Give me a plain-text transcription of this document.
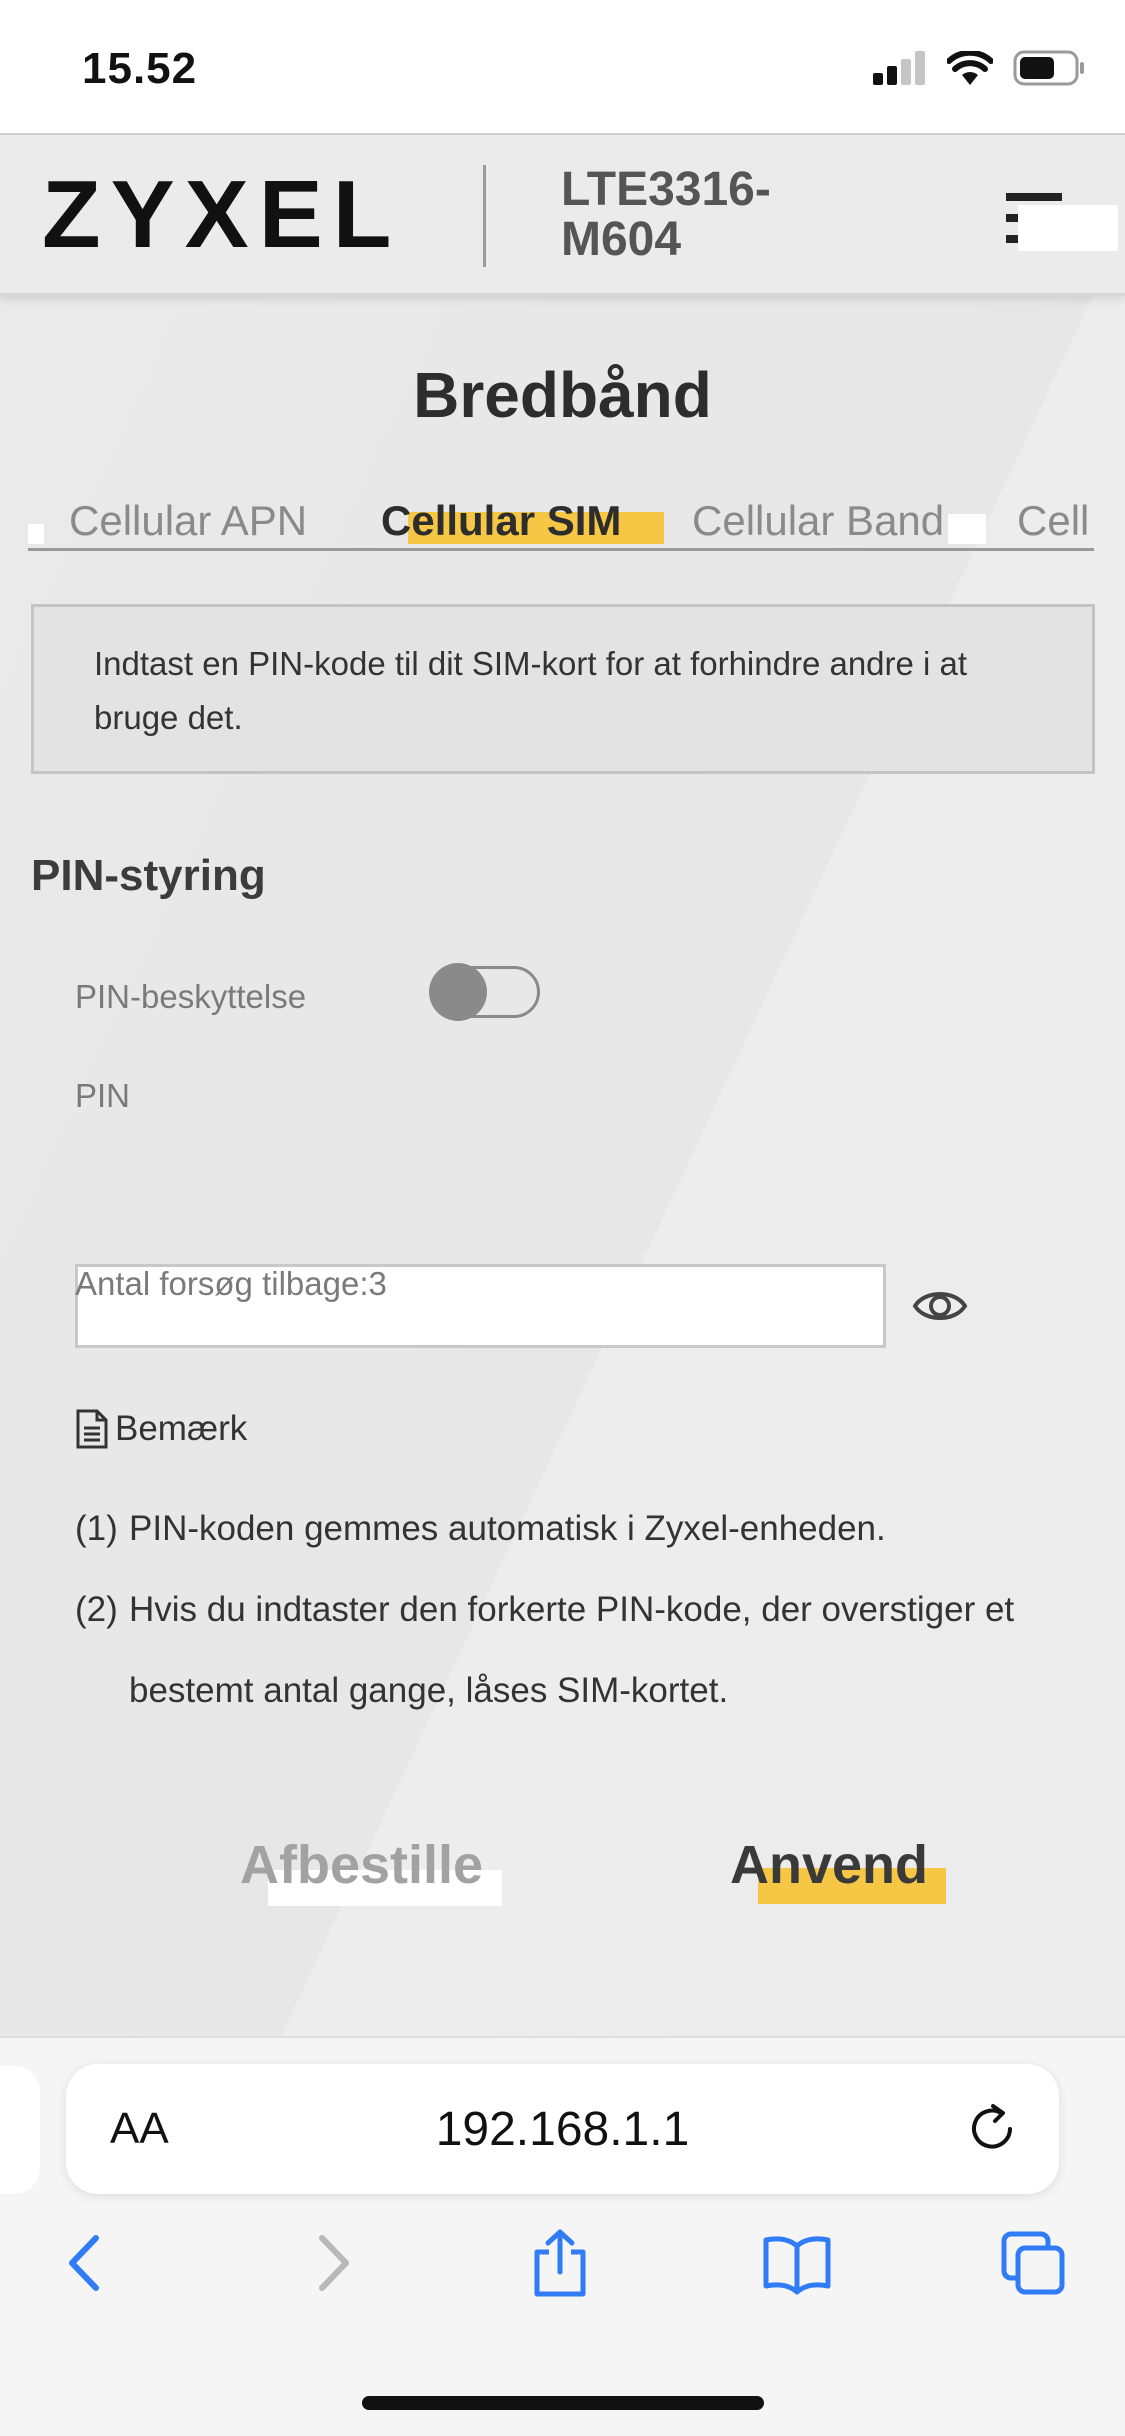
15.52
ZYXEL	LTE3316-
M604
Bredbånd
Cellular APN Cellular SIM Cellular Band Cell
Indtast en PIN-kode til dit SIM-kort for at forhindre andre i at bruge det.
PIN-styring
PIN-beskyttelse
PIN
Antal forsøg tilbage:3
Bemærk
(1) PIN-koden gemmes automatisk i Zyxel-enheden.
(2) Hvis du indtaster den forkerte PIN-kode, der overstiger et
bestemt antal gange, låses SIM-kortet.
Afbestille	Anvend
AA	192.168.1.1
